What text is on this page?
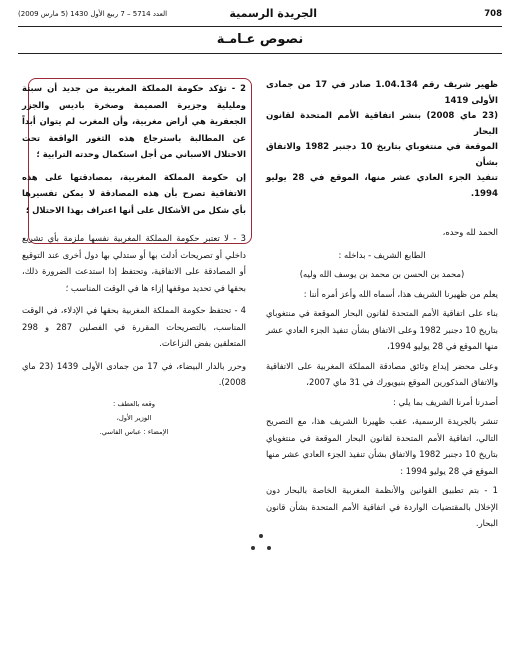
708
الجريدة الرسمية
العدد 5714 – 7 ربيع الأول 1430 (5 مارس 2009)
نصوص عـامـة

ظهير شريف رقم 1.04.134 صادر في 17 من جمادى الأولى 1419

(23 ماي 2008) بنشر اتفاقية الأمم المتحدة لقانون البحار

الموقعة في منتغوباي بتاريخ 10 دجنبر 1982 والاتفاق بشأن

تنفيذ الجزء العادي عشر منها، الموقع في 28 يوليو 1994.

الحمد لله وحده،

الطابع الشريف - بداخله :

(محمد بن الحسن بن محمد بن يوسف الله وليه)

يعلم من ظهيرنا الشريف هذا، أسماه الله وأعز أمره أننا :

بناء على اتفاقية الأمم المتحدة لقانون البحار الموقعة في منتغوباي بتاريخ 10 دجنبر 1982 وعلى الاتفاق بشأن تنفيذ الجزء العادي عشر منها الموقع في 28 يوليو 1994،

وعلى محضر إيداع وثائق مصادقة المملكة المغربية على الاتفاقية والاتفاق المذكورين الموقع بنيويورك في 31 ماي 2007،

أصدرنا أمرنا الشريف بما يلي :

تنشر بالجريدة الرسمية، عقب ظهيرنا الشريف هذا، مع التصريح التالي، اتفاقية الأمم المتحدة لقانون البحار الموقعة في منتغوباي بتاريخ 10 دجنبر 1982 والاتفاق بشأن تنفيذ الجزء العادي عشر منها الموقع في 28 يوليو 1994 :

1 - بتم تطبيق القوانين والأنظمة المغربية الخاصة بالبحار دون الإخلال بالمقتضيات الواردة في اتفاقية الأمم المتحدة بشأن قانون البحار.

2 - تؤكد حكومة المملكة المغربية من جديد أن سبتة ومليلية وجزيرة الصميمة وصخرة باديس والجزر الجعفرية هي أراض مغربية، وأن المغرب لم يتوان أبداً عن المطالبة باسترجاع هذه الثغور الواقعة تحت الاحتلال الاسباني من أجل استكمال وحدته الترابية ؛

إن حكومة المملكة المغربية، بمصادقتها على هذه الاتفاقية تصرح بأن هذه المصادقة لا يمكن تفسيرها بأي شكل من الأشكال على أنها اعتراف بهذا الاحتلال ؛

3 - لا تعتبر حكومة المملكة المغربية نفسها ملزمة بأي تشريع داخلي أو تصريحات أدلت بها أو ستدلي بها دول أخرى عند التوقيع أو المصادقة على الاتفاقية، وتحتفظ إذا استدعت الضرورة ذلك، بحقها في تحديد موقفها إزاء ها في الوقت المناسب ؛

4 - تحتفظ حكومة المملكة المغربية بحقها في الإدلاء، في الوقت المناسب، بالتصريحات المقررة في الفصلين 287 و 298 المتعلقين بفض النزاعات.

وحرر بالدار البيضاء، في 17 من جمادى الأولى 1439 (23 ماي 2008).

وقعه بالعطف :

الوزير الأول،

الإمضاء : عباس الفاسي.
